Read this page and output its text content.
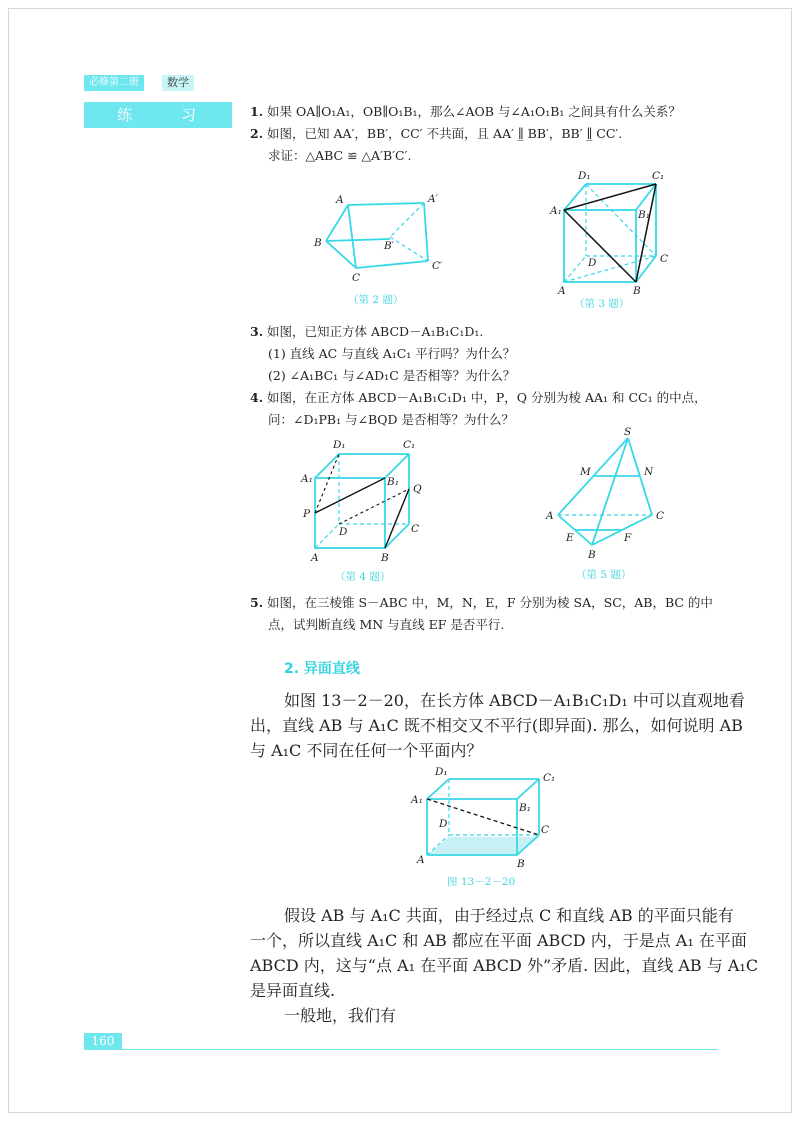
必修第二册	数学
练 习	1. 如果 OA∥O₁A₁，OB∥O₁B₁，那么∠AOB 与∠A₁O₁B₁ 之间具有什么关系？
2. 如图，已知 AA′，BB′，CC′ 不共面，且 AA′ ∥̲ BB′，BB′ ∥̲ CC′.
求证：△ABC ≌ △A′B′C′.
A	A′
B	B′
C
C′
（第 2 题）
D₁	C₁
A₁	B₁
D	C
A	B
（第 3 题）
3. 如图，已知正方体 ABCD－A₁B₁C₁D₁.
(1) 直线 AC 与直线 A₁C₁ 平行吗？为什么？
(2) ∠A₁BC₁ 与∠AD₁C 是否相等？为什么？
4. 如图，在正方体 ABCD－A₁B₁C₁D₁ 中，P，Q 分别为棱 AA₁ 和 CC₁ 的中点，
问：∠D₁PB₁ 与∠BQD 是否相等？为什么？
D₁	C₁
A₁	B₁
Q
P
D	C
A	B
（第 4 题）
S
M	N
A	C
E	F
B
（第 5 题）
5. 如图，在三棱锥 S－ABC 中，M，N，E，F 分别为棱 SA，SC，AB，BC 的中
点，试判断直线 MN 与直线 EF 是否平行.
2. 异面直线
如图 13－2－20，在长方体 ABCD－A₁B₁C₁D₁ 中可以直观地看
出，直线 AB 与 A₁C 既不相交又不平行(即异面). 那么，如何说明 AB
与 A₁C 不同在任何一个平面内？
D₁	C₁
A₁
B₁
D	C
A	B
图 13－2－20
假设 AB 与 A₁C 共面，由于经过点 C 和直线 AB 的平面只能有
一个，所以直线 A₁C 和 AB 都应在平面 ABCD 内，于是点 A₁ 在平面
ABCD 内，这与“点 A₁ 在平面 ABCD 外”矛盾. 因此，直线 AB 与 A₁C
是异面直线.
一般地，我们有
160
